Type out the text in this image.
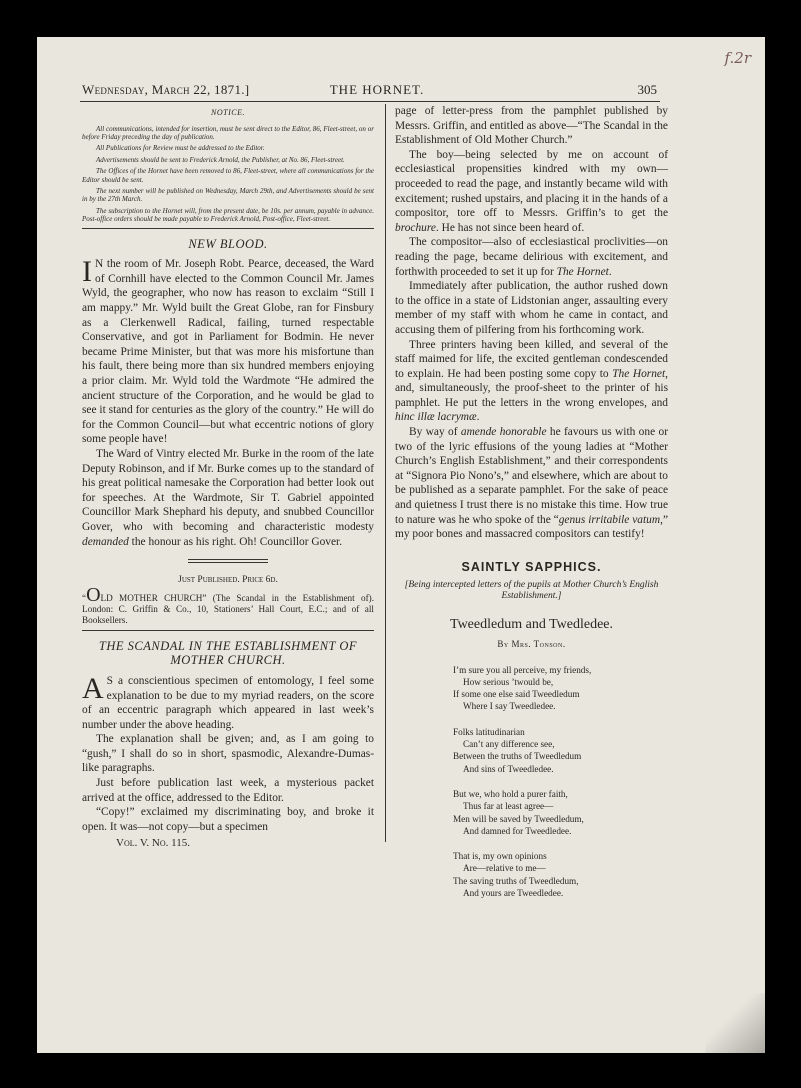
f.2r
Wednesday, March 22, 1871.]	THE HORNET.	305
NOTICE.

All communications, intended for insertion, must be sent direct to the Editor, 86, Fleet-street, on or before Friday preceding the day of publication.

All Publications for Review must be addressed to the Editor.

Advertisements should be sent to Frederick Arnold, the Publisher, at No. 86, Fleet-street.

The Offices of the Hornet have been removed to 86, Fleet-street, where all communications for the Editor should be sent.

The next number will be published on Wednesday, March 29th, and Advertisements should be sent in by the 27th March.

The subscription to the Hornet will, from the present date, be 10s. per annum, payable in advance. Post-office orders should be made payable to Frederick Arnold, Post-office, Fleet-street.

NEW BLOOD.

I N the room of Mr. Joseph Robt. Pearce, deceased, the Ward of Cornhill have elected to the Common Council Mr. James Wyld, the geographer, who now has reason to exclaim “Still I am mappy.” Mr. Wyld built the Great Globe, ran for Finsbury as a Clerkenwell Radical, failing, turned respectable Conservative, and got in Parliament for Bodmin. He never became Prime Minister, but that was more his misfortune than his fault, there being more than six hundred members enjoying a prior claim. Mr. Wyld told the Wardmote “He admired the ancient structure of the Corporation, and he would be glad to see it stand for centuries as the glory of the country.” He will do for the Common Council—but what eccentric notions of glory some people have!

The Ward of Vintry elected Mr. Burke in the room of the late Deputy Robinson, and if Mr. Burke comes up to the standard of his great political namesake the Corporation had better look out for speeches. At the Wardmote, Sir T. Gabriel appointed Councillor Mark Shephard his deputy, and snubbed Councillor Gover, who with becoming and characteristic modesty demanded the honour as his right. Oh! Councillor Gover.

Just Published. Price 6d.

“OLD MOTHER CHURCH” (The Scandal in the Establishment of). London: C. Griffin & Co., 10, Stationers’ Hall Court, E.C.; and of all Booksellers.

THE SCANDAL IN THE ESTABLISHMENT OF MOTHER CHURCH.

A S a conscientious specimen of entomology, I feel some explanation to be due to my myriad readers, on the score of an eccentric paragraph which appeared in last week’s number under the above heading.

The explanation shall be given; and, as I am going to “gush,” I shall do so in short, spasmodic, Alexandre-Dumas-like paragraphs.

Just before publication last week, a mysterious packet arrived at the office, addressed to the Editor.

“Copy!” exclaimed my discriminating boy, and broke it open. It was—not copy—but a specimen

Vol. V. No. 115.

page of letter-press from the pamphlet published by Messrs. Griffin, and entitled as above—“The Scandal in the Establishment of Old Mother Church.”

The boy—being selected by me on account of ecclesiastical propensities kindred with my own—proceeded to read the page, and instantly became wild with excitement; rushed upstairs, and placing it in the hands of a compositor, tore off to Messrs. Griffin’s to get the brochure. He has not since been heard of.

The compositor—also of ecclesiastical proclivities—on reading the page, became delirious with excitement, and forthwith proceeded to set it up for The Hornet.

Immediately after publication, the author rushed down to the office in a state of Lidstonian anger, assaulting every member of my staff with whom he came in contact, and accusing them of pilfering from his forthcoming work.

Three printers having been killed, and several of the staff maimed for life, the excited gentleman condescended to explain. He had been posting some copy to The Hornet, and, simultaneously, the proof-sheet to the printer of his pamphlet. He put the letters in the wrong envelopes, and hinc illæ lacrymæ.

By way of amende honorable he favours us with one or two of the lyric effusions of the young ladies at “Mother Church’s English Establishment,” and their correspondents at “Signora Pio Nono’s,” and elsewhere, which are about to be published as a separate pamphlet. For the sake of peace and quietness I trust there is no mistake this time. How true to nature was he who spoke of the “genus irritabile vatum,” my poor bones and massacred compositors can testify!

SAINTLY SAPPHICS.
[Being intercepted letters of the pupils at Mother Church’s English Establishment.]
Tweedledum and Twedledee.
By Mrs. Tonson.
I’m sure you all perceive, my friends,
How serious ’twould be,
If some one else said Tweedledum
Where I say Tweedledee.
Folks latitudinarian
Can’t any difference see,
Between the truths of Tweedledum
And sins of Tweedledee.
But we, who hold a purer faith,
Thus far at least agree—
Men will be saved by Tweedledum,
And damned for Tweedledee.
That is, my own opinions
Are—relative to me—
The saving truths of Tweedledum,
And yours are Tweedledee.
